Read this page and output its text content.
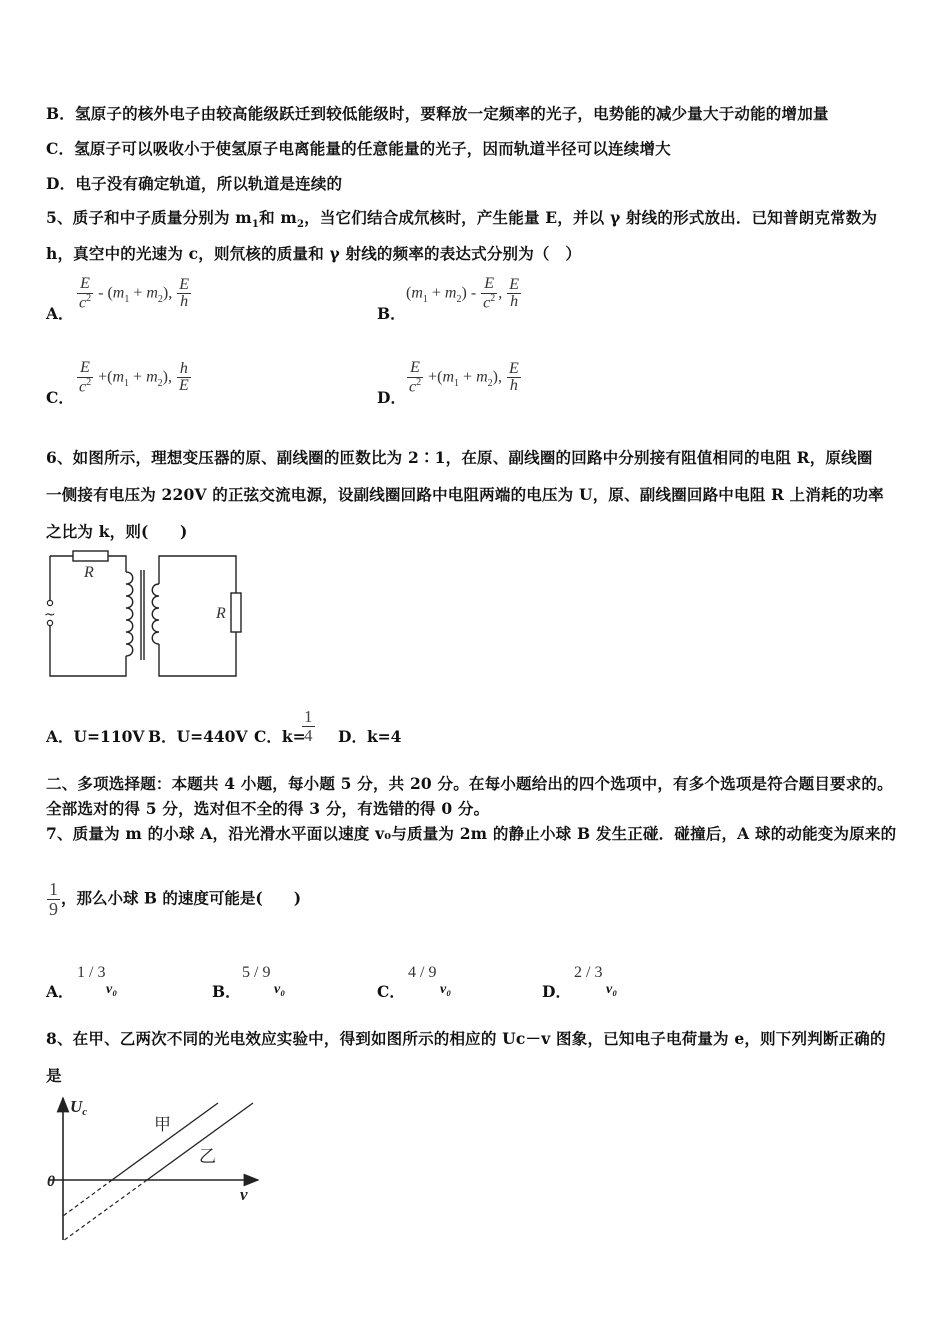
B．氢原子的核外电子由较高能级跃迁到较低能级时，要释放一定频率的光子，电势能的减少量大于动能的增加量
C．氢原子可以吸收小于使氢原子电离能量的任意能量的光子，因而轨道半径可以连续增大
D．电子没有确定轨道，所以轨道是连续的
5、质子和中子质量分别为 $m_1$和 $m_2$，当它们结合成氘核时，产生能量 E，并以 γ 射线的形式放出．已知普朗克常数为
h，真空中的光速为 c，则氘核的质量和 γ 射线的频率的表达式分别为（　）
A．
$\frac{E}{c^2} - (m_1 + m_2)$, $\frac{E}{h}$
B．
$(m_1 + m_2) - \frac{E}{c^2}$ , $\frac{E}{h}$
C．
$\frac{E}{c^2} +(m_1 + m_2)$, $\frac{h}{E}$
D．
$\frac{E}{c^2} +(m_1 + m_2)$, $\frac{E}{h}$
6、如图所示，理想变压器的原、副线圈的匝数比为 2∶1，在原、副线圈的回路中分别接有阻值相同的电阻 R，原线圈
一侧接有电压为 220V 的正弦交流电源，设副线圈回路中电阻两端的电压为 U，原、副线圈回路中电阻 R 上消耗的功率
之比为 k，则(　　)
~
R
R
A．U=110V B．U=440V C．k=
$\frac{1}{4}$ D．k=4
二、多项选择题：本题共 4 小题，每小题 5 分，共 20 分。在每小题给出的四个选项中，有多个选项是符合题目要求的。
全部选对的得 5 分，选对但不全的得 3 分，有选错的得 0 分。
7、质量为 m 的小球 A，沿光滑水平面以速度 v₀与质量为 2m 的静止小球 B 发生正碰．碰撞后，A 球的动能变为原来的
$\frac{1}{9}$ ，那么小球 B 的速度可能是(　　)
A．
1 / 3
v₀	B．
5 / 9
v₀	C．
4 / 9
v₀	D．
2 / 3
v₀
8、在甲、乙两次不同的光电效应实验中，得到如图所示的相应的 Uc－v 图象，已知电子电荷量为 e，则下列判断正确的
是
Uc
v
0
甲
乙
